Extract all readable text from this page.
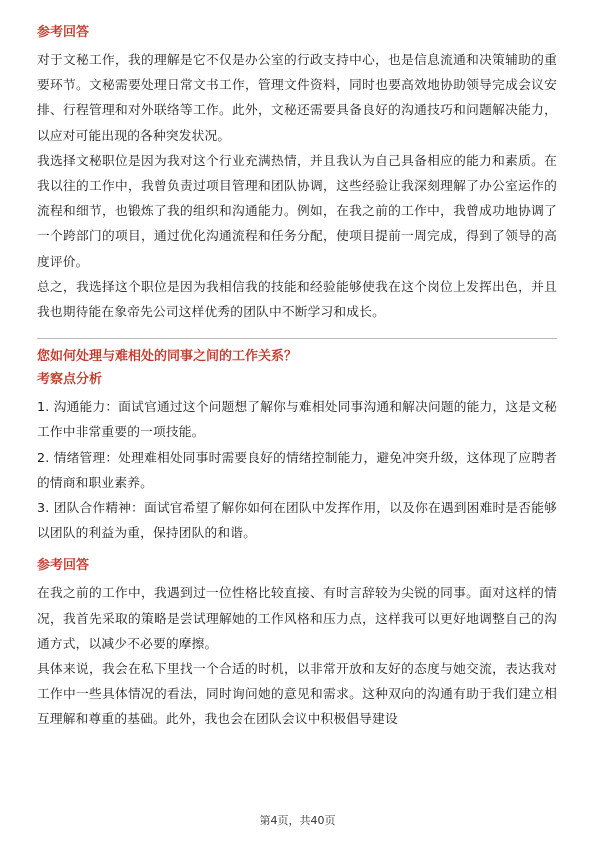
参考回答

对于文秘工作，我的理解是它不仅是办公室的行政支持中心，也是信息流通和决策辅助的重要环节。文秘需要处理日常文书工作，管理文件资料，同时也要高效地协助领导完成会议安排、行程管理和对外联络等工作。此外，文秘还需要具备良好的沟通技巧和问题解决能力，以应对可能出现的各种突发状况。

我选择文秘职位是因为我对这个行业充满热情，并且我认为自己具备相应的能力和素质。在我以往的工作中，我曾负责过项目管理和团队协调，这些经验让我深刻理解了办公室运作的流程和细节，也锻炼了我的组织和沟通能力。例如，在我之前的工作中，我曾成功地协调了一个跨部门的项目，通过优化沟通流程和任务分配，使项目提前一周完成，得到了领导的高度评价。

总之，我选择这个职位是因为我相信我的技能和经验能够使我在这个岗位上发挥出色，并且我也期待能在象帝先公司这样优秀的团队中不断学习和成长。

您如何处理与难相处的同事之间的工作关系？
考察点分析

1. 沟通能力：面试官通过这个问题想了解你与难相处同事沟通和解决问题的能力，这是文秘工作中非常重要的一项技能。

2. 情绪管理：处理难相处同事时需要良好的情绪控制能力，避免冲突升级，这体现了应聘者的情商和职业素养。

3. 团队合作精神：面试官希望了解你如何在团队中发挥作用，以及你在遇到困难时是否能够以团队的利益为重，保持团队的和谐。

参考回答

在我之前的工作中，我遇到过一位性格比较直接、有时言辞较为尖锐的同事。面对这样的情况，我首先采取的策略是尝试理解她的工作风格和压力点，这样我可以更好地调整自己的沟通方式，以减少不必要的摩擦。

具体来说，我会在私下里找一个合适的时机，以非常开放和友好的态度与她交流，表达我对工作中一些具体情况的看法，同时询问她的意见和需求。这种双向的沟通有助于我们建立相互理解和尊重的基础。此外，我也会在团队会议中积极倡导建设

第4页，共40页
